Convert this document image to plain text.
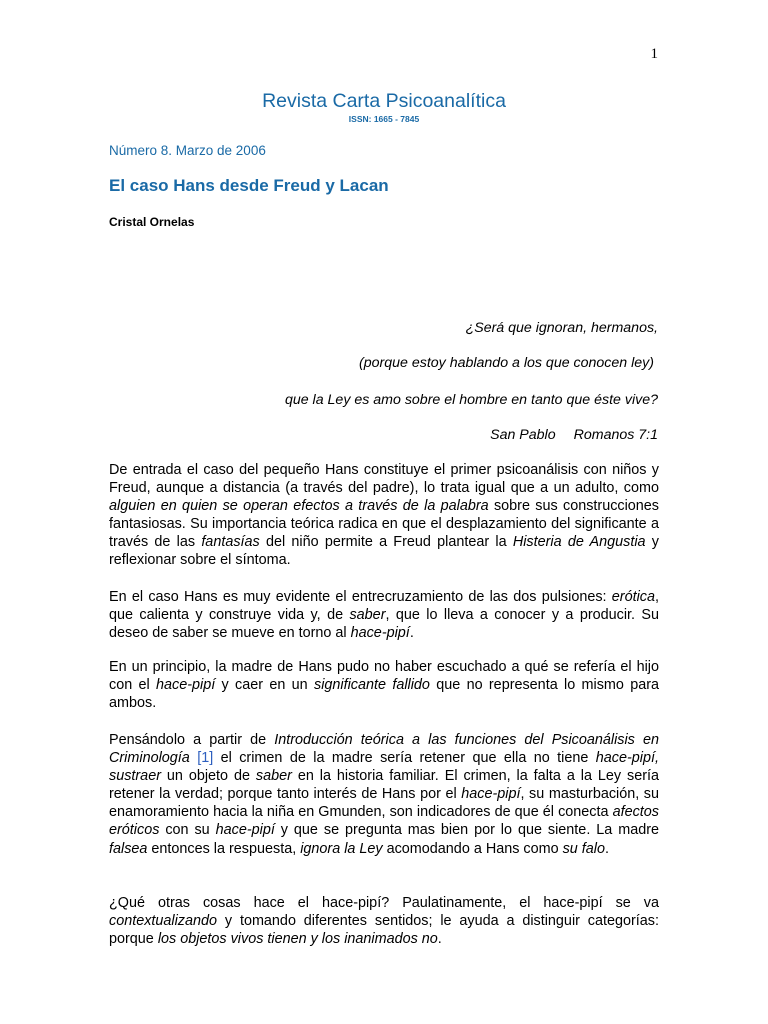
1
Revista Carta Psicoanalítica
ISSN: 1665 - 7845
Número 8. Marzo de 2006
El caso Hans desde Freud y Lacan
Cristal Ornelas
¿Será que ignoran, hermanos,
(porque estoy hablando a los que conocen ley)
que la Ley es amo sobre el hombre en tanto que éste vive?
San Pablo Romanos 7:1
De entrada el caso del pequeño Hans constituye el primer psicoanálisis con niños y Freud, aunque a distancia (a través del padre), lo trata igual que a un adulto, como alguien en quien se operan efectos a través de la palabra sobre sus construcciones fantasiosas. Su importancia teórica radica en que el desplazamiento del significante a través de las fantasías del niño permite a Freud plantear la Histeria de Angustia y reflexionar sobre el síntoma.
En el caso Hans es muy evidente el entrecruzamiento de las dos pulsiones: erótica, que calienta y construye vida y, de saber, que lo lleva a conocer y a producir. Su deseo de saber se mueve en torno al hace-pipí.
En un principio, la madre de Hans pudo no haber escuchado a qué se refería el hijo con el hace-pipí y caer en un significante fallido que no representa lo mismo para ambos.
Pensándolo a partir de Introducción teórica a las funciones del Psicoanálisis en Criminología [1] el crimen de la madre sería retener que ella no tiene hace-pipí, sustraer un objeto de saber en la historia familiar. El crimen, la falta a la Ley sería retener la verdad; porque tanto interés de Hans por el hace-pipí, su masturbación, su enamoramiento hacia la niña en Gmunden, son indicadores de que él conecta afectos eróticos con su hace-pipí y que se pregunta mas bien por lo que siente. La madre falsea entonces la respuesta, ignora la Ley acomodando a Hans como su falo.
¿Qué otras cosas hace el hace-pipí? Paulatinamente, el hace-pipí se va contextualizando y tomando diferentes sentidos; le ayuda a distinguir categorías: porque los objetos vivos tienen y los inanimados no.
